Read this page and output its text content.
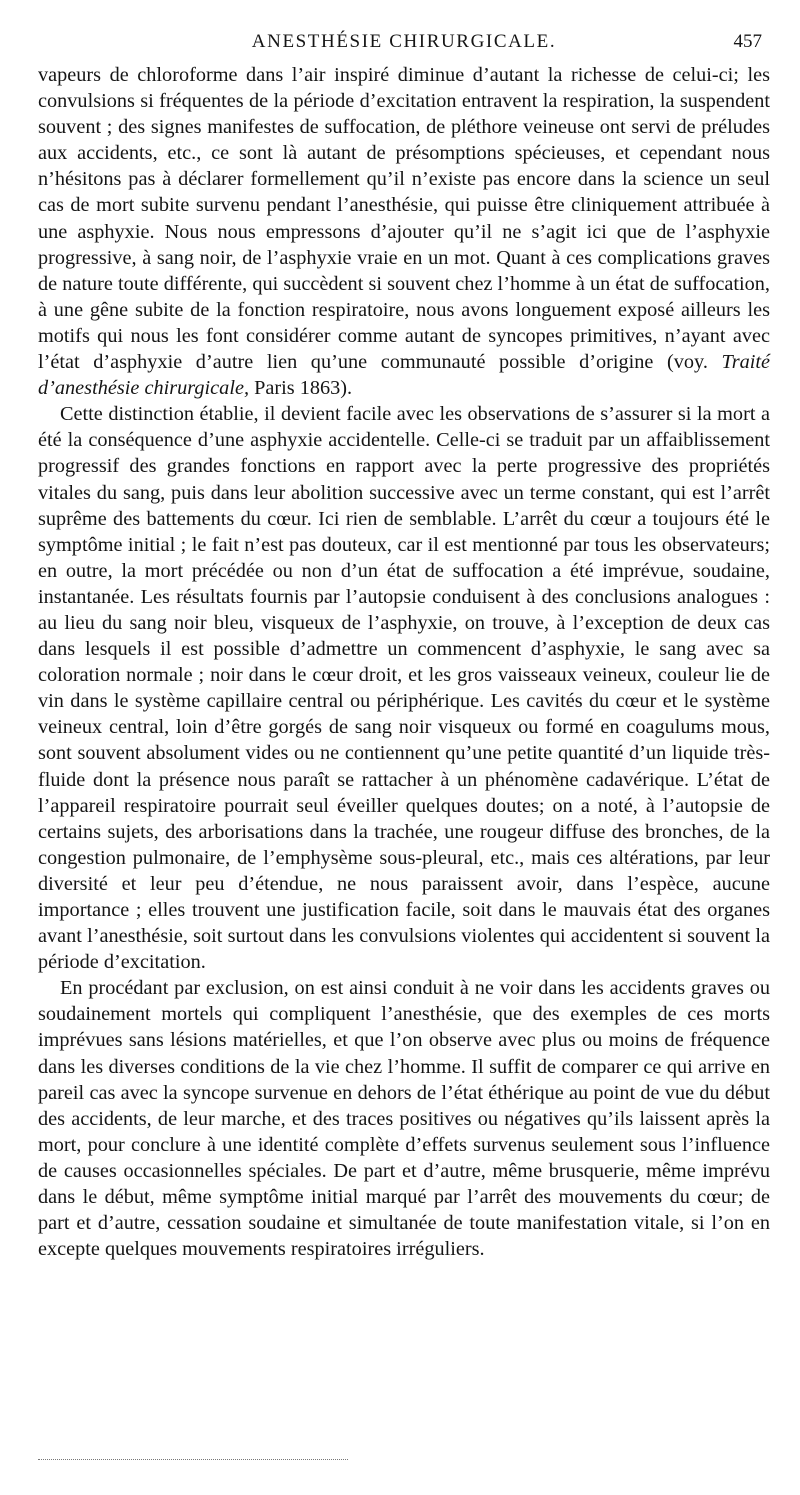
ANESTHÉSIE CHIRURGICALE.	457

vapeurs de chloroforme dans l’air inspiré diminue d’autant la richesse de celui-ci; les convulsions si fréquentes de la période d’excitation entravent la respiration, la suspendent souvent ; des signes manifestes de suffocation, de pléthore veineuse ont servi de préludes aux accidents, etc., ce sont là autant de présomptions spécieuses, et cependant nous n’hésitons pas à déclarer formellement qu’il n’existe pas encore dans la science un seul cas de mort subite survenu pendant l’anesthésie, qui puisse être cliniquement attribuée à une asphyxie. Nous nous empressons d’ajouter qu’il ne s’agit ici que de l’asphyxie progressive, à sang noir, de l’asphyxie vraie en un mot. Quant à ces complications graves de nature toute différente, qui succèdent si souvent chez l’homme à un état de suffocation, à une gêne subite de la fonction respiratoire, nous avons longuement exposé ailleurs les motifs qui nous les font considérer comme autant de syncopes primitives, n’ayant avec l’état d’asphyxie d’autre lien qu’une communauté possible d’origine (voy. Traité d’anesthésie chirurgicale, Paris 1863).

Cette distinction établie, il devient facile avec les observations de s’assurer si la mort a été la conséquence d’une asphyxie accidentelle. Celle-ci se traduit par un affaiblissement progressif des grandes fonctions en rapport avec la perte progressive des propriétés vitales du sang, puis dans leur abolition successive avec un terme constant, qui est l’arrêt suprême des battements du cœur. Ici rien de semblable. L’arrêt du cœur a toujours été le symptôme initial ; le fait n’est pas douteux, car il est mentionné par tous les observateurs; en outre, la mort précédée ou non d’un état de suffocation a été imprévue, soudaine, instantanée. Les résultats fournis par l’autopsie conduisent à des conclusions analogues : au lieu du sang noir bleu, visqueux de l’asphyxie, on trouve, à l’exception de deux cas dans lesquels il est possible d’admettre un commencent d’asphyxie, le sang avec sa coloration normale ; noir dans le cœur droit, et les gros vaisseaux veineux, couleur lie de vin dans le système capillaire central ou périphérique. Les cavités du cœur et le système veineux central, loin d’être gorgés de sang noir visqueux ou formé en coagulums mous, sont souvent absolument vides ou ne contiennent qu’une petite quantité d’un liquide très-fluide dont la présence nous paraît se rattacher à un phénomène cadavérique. L’état de l’appareil respiratoire pourrait seul éveiller quelques doutes; on a noté, à l’autopsie de certains sujets, des arborisations dans la trachée, une rougeur diffuse des bronches, de la congestion pulmonaire, de l’emphysème sous-pleural, etc., mais ces altérations, par leur diversité et leur peu d’étendue, ne nous paraissent avoir, dans l’espèce, aucune importance ; elles trouvent une justification facile, soit dans le mauvais état des organes avant l’anesthésie, soit surtout dans les convulsions violentes qui accidentent si souvent la période d’excitation.

En procédant par exclusion, on est ainsi conduit à ne voir dans les accidents graves ou soudainement mortels qui compliquent l’anesthésie, que des exemples de ces morts imprévues sans lésions matérielles, et que l’on observe avec plus ou moins de fréquence dans les diverses conditions de la vie chez l’homme. Il suffit de comparer ce qui arrive en pareil cas avec la syncope survenue en dehors de l’état éthérique au point de vue du début des accidents, de leur marche, et des traces positives ou négatives qu’ils laissent après la mort, pour conclure à une identité complète d’effets survenus seulement sous l’influence de causes occasionnelles spéciales. De part et d’autre, même brusquerie, même imprévu dans le début, même symptôme initial marqué par l’arrêt des mouvements du cœur; de part et d’autre, cessation soudaine et simultanée de toute manifestation vitale, si l’on en excepte quelques mouvements respiratoires irréguliers.
